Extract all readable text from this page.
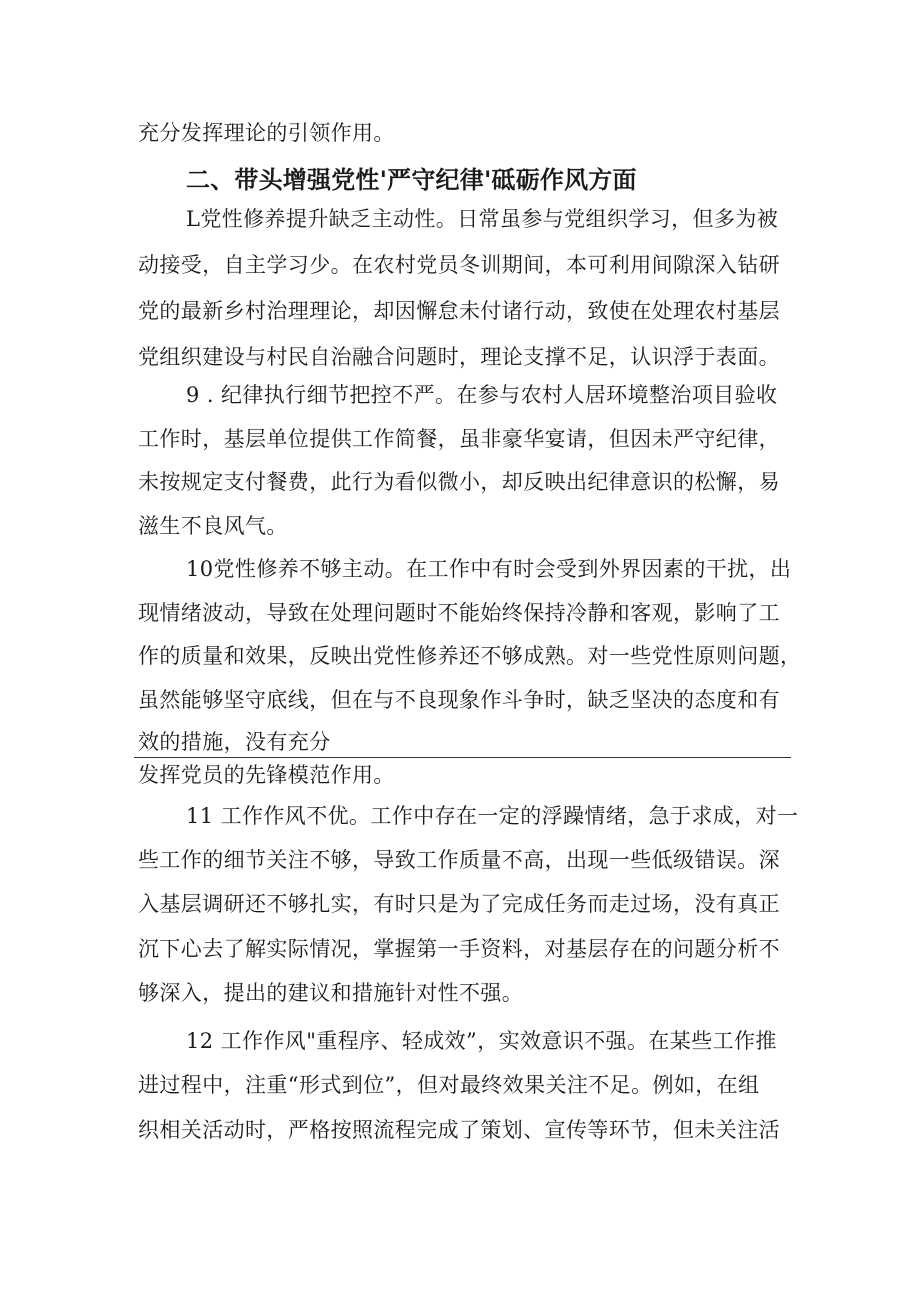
充分发挥理论的引领作用。
二、带头增强党性'严守纪律'砥砺作风方面
L党性修养提升缺乏主动性。日常虽参与党组织学习，但多为被
动接受，自主学习少。在农村党员冬训期间，本可利用间隙深入钻研
党的最新乡村治理理论，却因懈怠未付诸行动，致使在处理农村基层
党组织建设与村民自治融合问题时，理论支撑不足，认识浮于表面。
9 . 纪律执行细节把控不严。在参与农村人居环境整治项目验收
工作时，基层单位提供工作简餐，虽非豪华宴请，但因未严守纪律，
未按规定支付餐费，此行为看似微小，却反映出纪律意识的松懈，易
滋生不良风气。
10党性修养不够主动。在工作中有时会受到外界因素的干扰，出
现情绪波动，导致在处理问题时不能始终保持冷静和客观，影响了工
作的质量和效果，反映出党性修养还不够成熟。对一些党性原则问题，
虽然能够坚守底线，但在与不良现象作斗争时，缺乏坚决的态度和有
效的措施，没有充分
发挥党员的先锋模范作用。
11 工作作风不优。工作中存在一定的浮躁情绪，急于求成，对一
些工作的细节关注不够，导致工作质量不高，出现一些低级错误。深
入基层调研还不够扎实，有时只是为了完成任务而走过场，没有真正
沉下心去了解实际情况，掌握第一手资料，对基层存在的问题分析不
够深入，提出的建议和措施针对性不强。
12 工作作风"重程序、轻成效”，实效意识不强。在某些工作推
进过程中，注重“形式到位”，但对最终效果关注不足。例如，在组
织相关活动时，严格按照流程完成了策划、宣传等环节，但未关注活
